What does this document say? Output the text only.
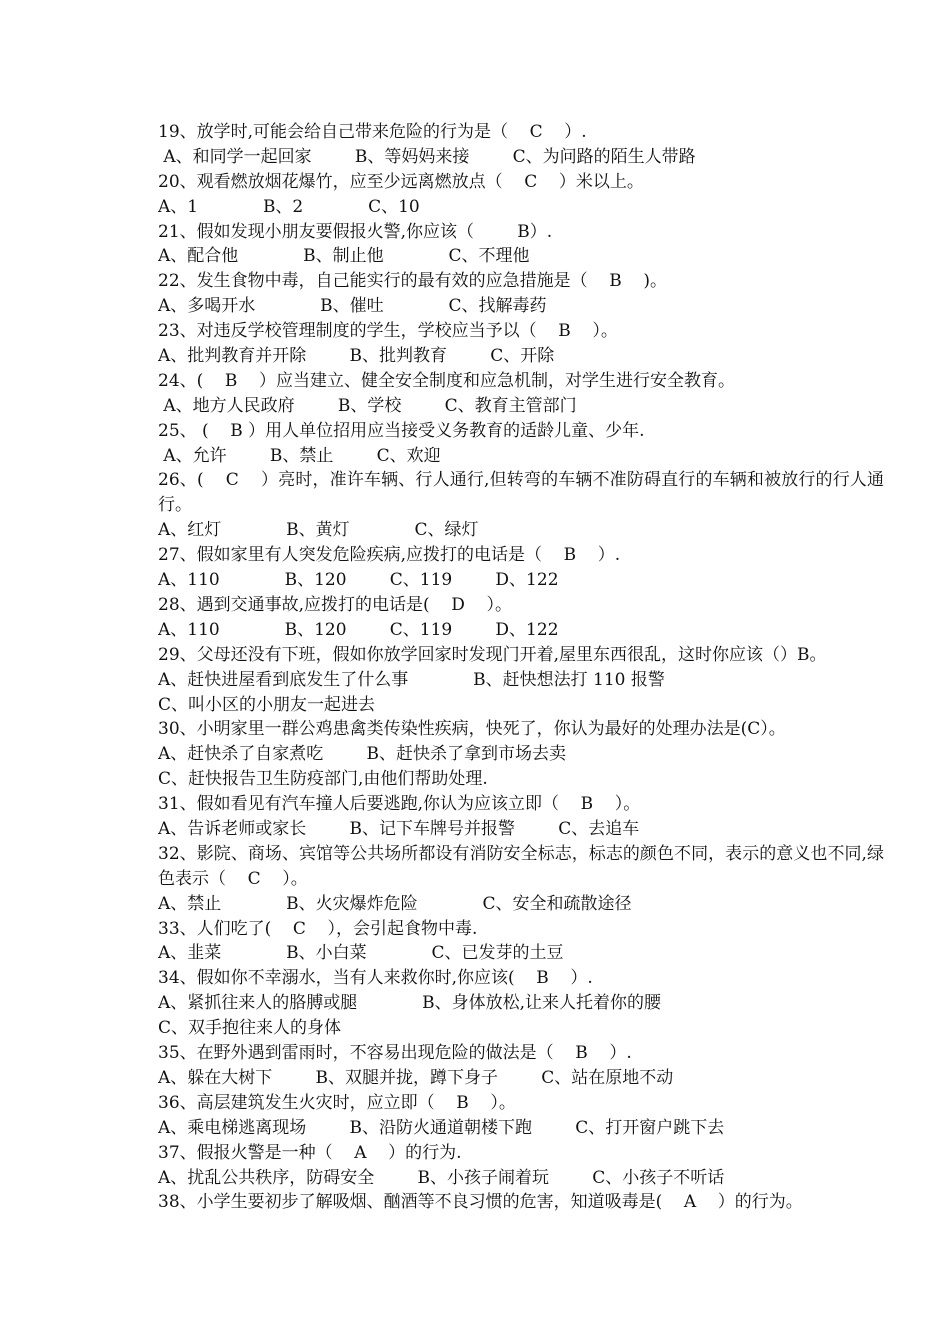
19、放学时,可能会给自己带来危险的行为是（    C    ）.
A、和同学一起回家        B、等妈妈来接        C、为问路的陌生人带路
20、观看燃放烟花爆竹，应至少远离燃放点（    C    ）米以上。
A、1            B、2            C、10
21、假如发现小朋友要假报火警,你应该（        B）.
A、配合他            B、制止他            C、不理他
22、发生食物中毒，自己能实行的最有效的应急措施是（    B    )。
A、多喝开水            B、催吐            C、找解毒药
23、对违反学校管理制度的学生，学校应当予以（    B    ）。
A、批判教育并开除        B、批判教育        C、开除
24、(    B    ）应当建立、健全安全制度和应急机制，对学生进行安全教育。
A、地方人民政府        B、学校        C、教育主管部门
25、 (    B ）用人单位招用应当接受义务教育的适龄儿童、少年.
A、允许        B、禁止        C、欢迎
26、(    C    ）亮时，准许车辆、行人通行,但转弯的车辆不准防碍直行的车辆和被放行的行人通行。
A、红灯            B、黄灯            C、绿灯
27、假如家里有人突发危险疾病,应拨打的电话是（    B    ）.
A、110            B、120        C、119        D、122
28、遇到交通事故,应拨打的电话是(    D    ）。
A、110            B、120        C、119        D、122
29、父母还没有下班，假如你放学回家时发现门开着,屋里东西很乱，这时你应该（）B。
A、赶快进屋看到底发生了什么事            B、赶快想法打 110 报警
C、叫小区的小朋友一起进去
30、小明家里一群公鸡患禽类传染性疾病，快死了，你认为最好的处理办法是(C）。
A、赶快杀了自家煮吃        B、赶快杀了拿到市场去卖
C、赶快报告卫生防疫部门,由他们帮助处理.
31、假如看见有汽车撞人后要逃跑,你认为应该立即（    B    ）。
A、告诉老师或家长        B、记下车牌号并报警        C、去追车
32、影院、商场、宾馆等公共场所都设有消防安全标志，标志的颜色不同，表示的意义也不同,绿色表示（    C    ）。
A、禁止            B、火灾爆炸危险            C、安全和疏散途径
33、人们吃了(    C    ），会引起食物中毒.
A、韭菜            B、小白菜            C、已发芽的土豆
34、假如你不幸溺水，当有人来救你时,你应该(    B    ）.
A、紧抓往来人的胳膊或腿            B、身体放松,让来人托着你的腰
C、双手抱往来人的身体
35、在野外遇到雷雨时，不容易出现危险的做法是（    B    ）.
A、躲在大树下        B、双腿并拢，蹲下身子        C、站在原地不动
36、高层建筑发生火灾时，应立即（    B    ）。
A、乘电梯逃离现场        B、沿防火通道朝楼下跑        C、打开窗户跳下去
37、假报火警是一种（    A    ）的行为.
A、扰乱公共秩序，防碍安全        B、小孩子闹着玩        C、小孩子不听话
38、小学生要初步了解吸烟、酗酒等不良习惯的危害，知道吸毒是(    A    ）的行为。
